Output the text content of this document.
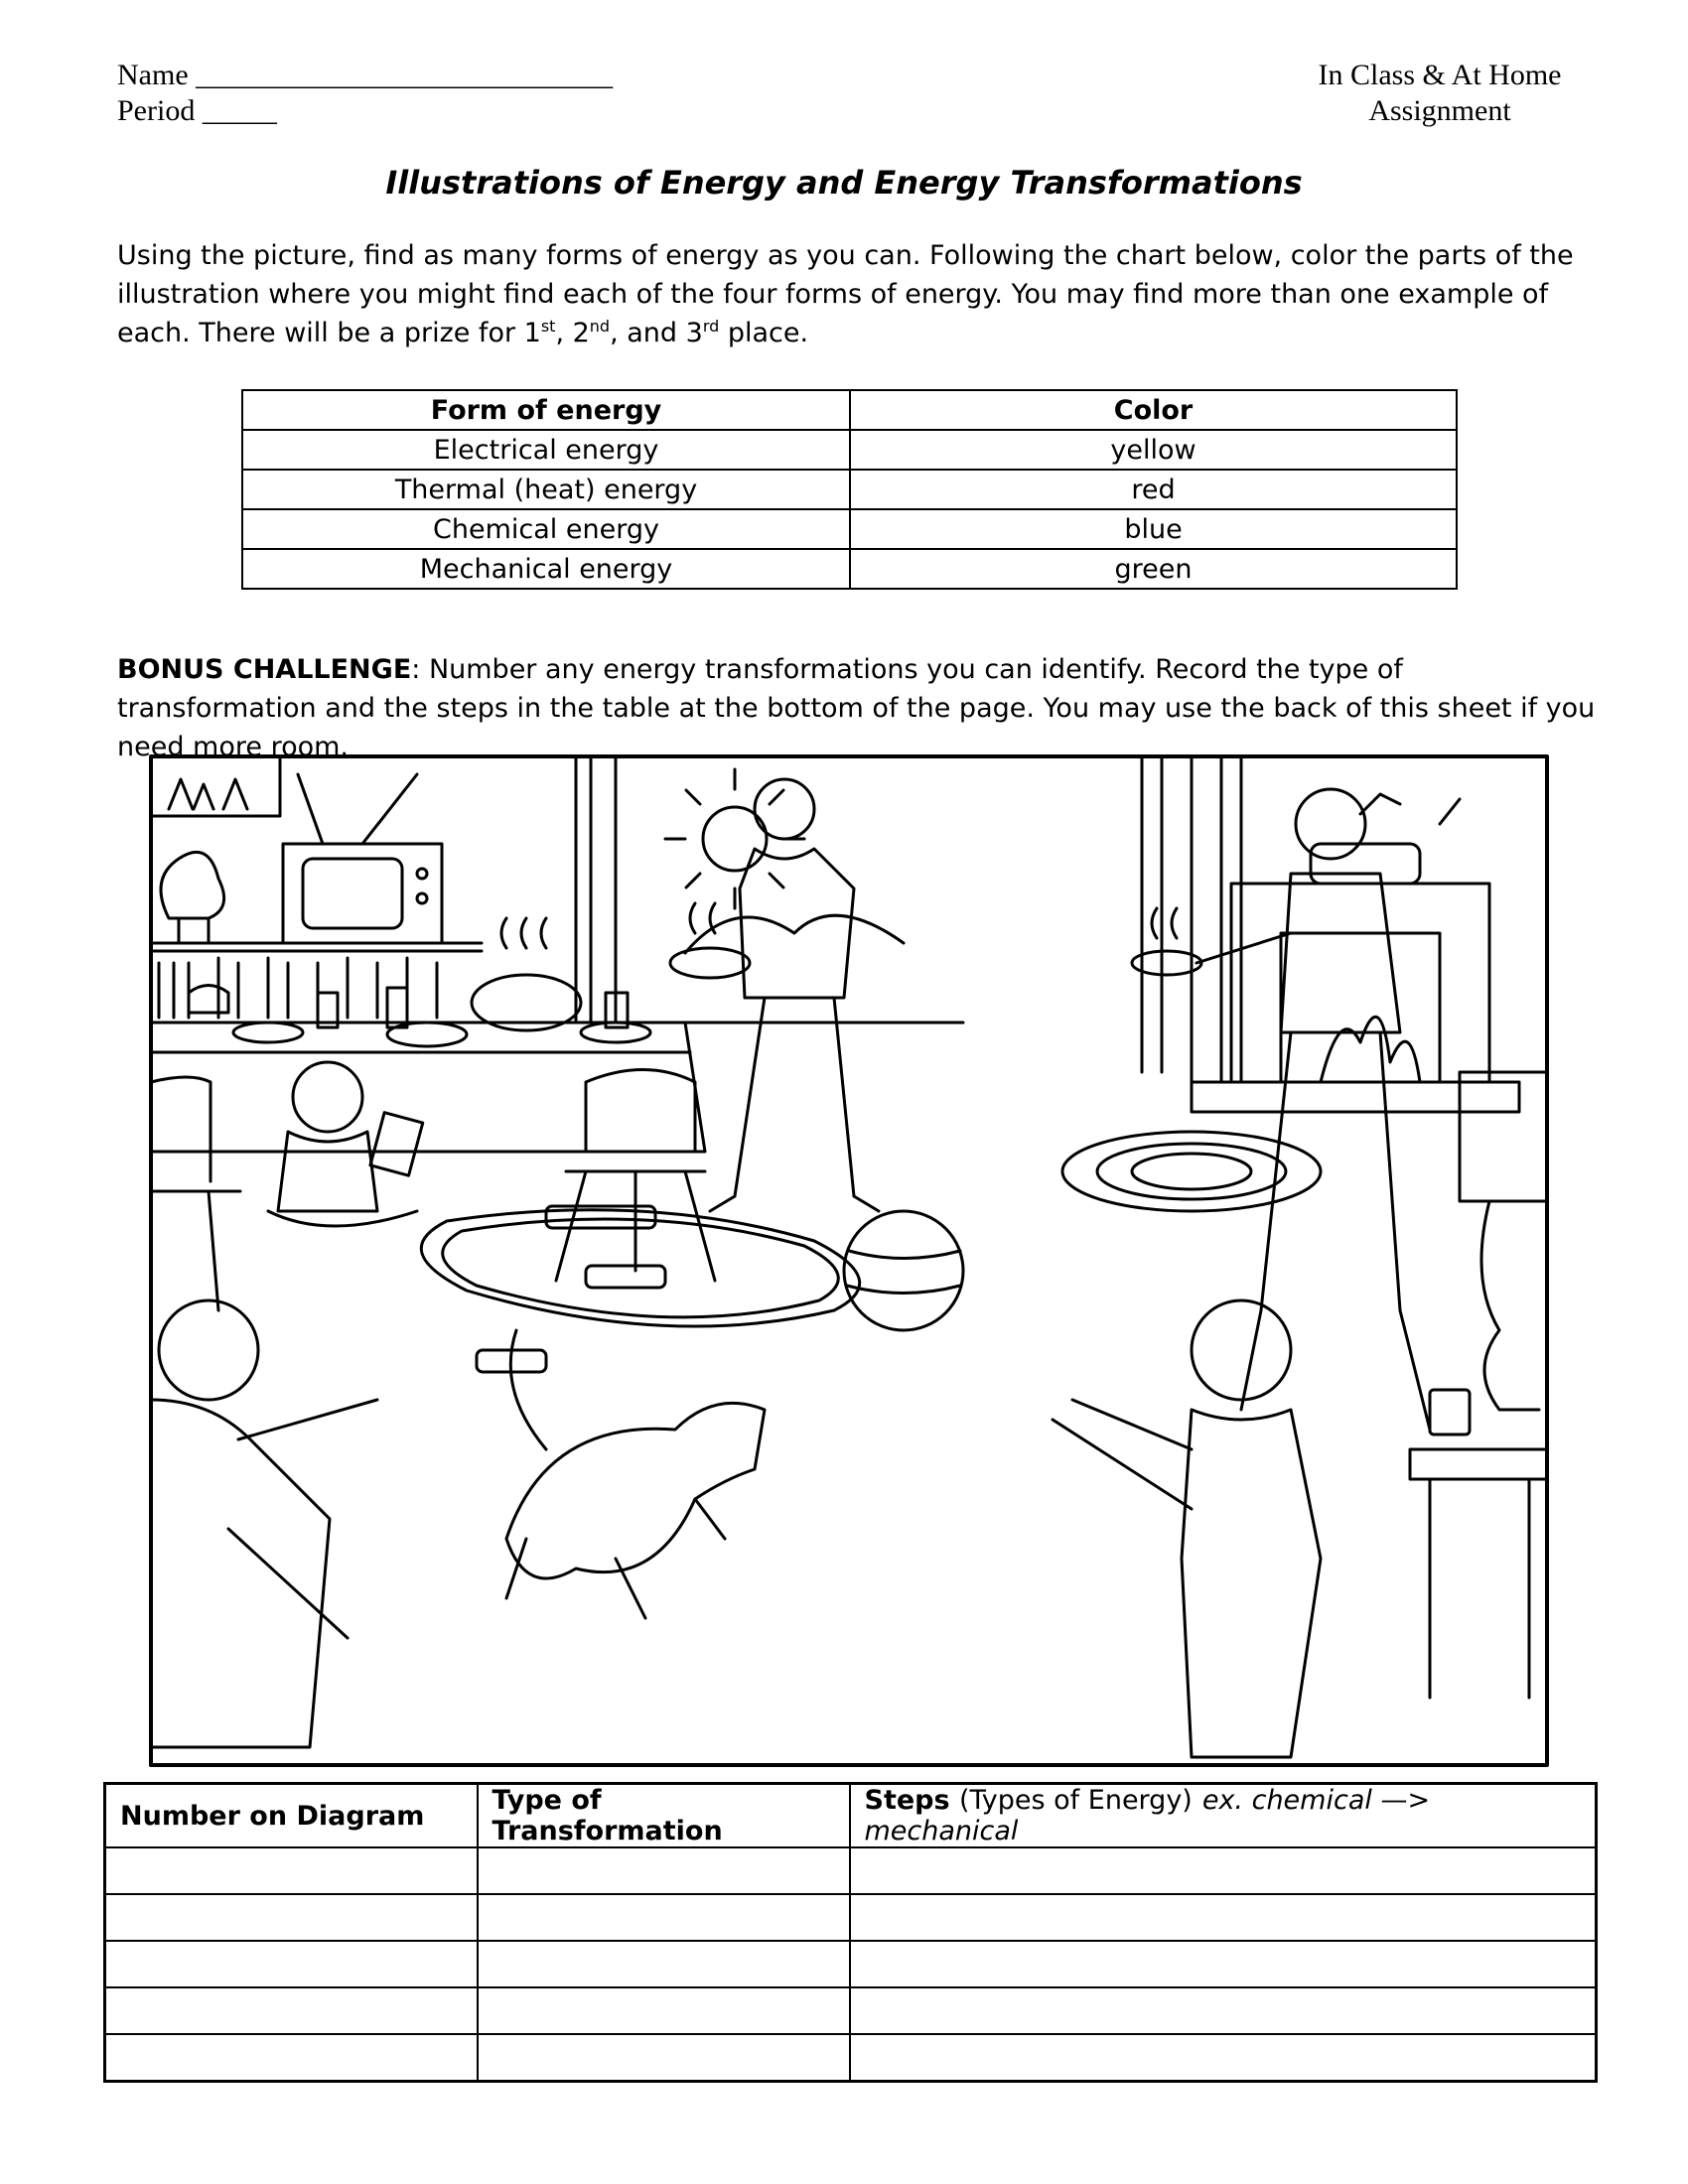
Name ____________________________
Period _____
In Class & At Home
Assignment
Illustrations of Energy and Energy Transformations
Using the picture, find as many forms of energy as you can. Following the chart below, color the parts of the illustration where you might find each of the four forms of energy. You may find more than one example of each. There will be a prize for 1st, 2nd, and 3rd place.
Form of energy	Color
Electrical energy	yellow
Thermal (heat) energy	red
Chemical energy	blue
Mechanical energy	green
BONUS CHALLENGE: Number any energy transformations you can identify. Record the type of transformation and the steps in the table at the bottom of the page. You may use the back of this sheet if you need more room.
Number on Diagram	Type of Transformation	Steps (Types of Energy) ex. chemical —> mechanical
